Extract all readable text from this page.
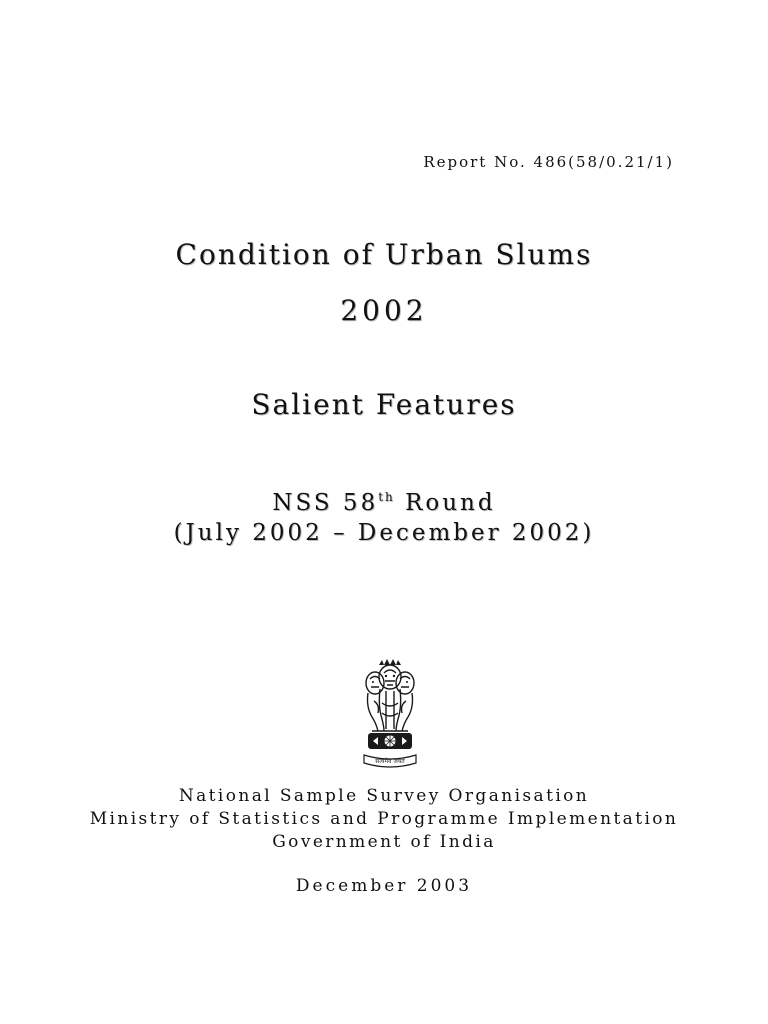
Report No. 486(58/0.21/1)
Condition of Urban Slums
2002
Salient Features
NSS 58th Round
(July 2002 – December 2002)
सत्यमेव जयते
National Sample Survey Organisation
Ministry of Statistics and Programme Implementation
Government of India
December 2003
